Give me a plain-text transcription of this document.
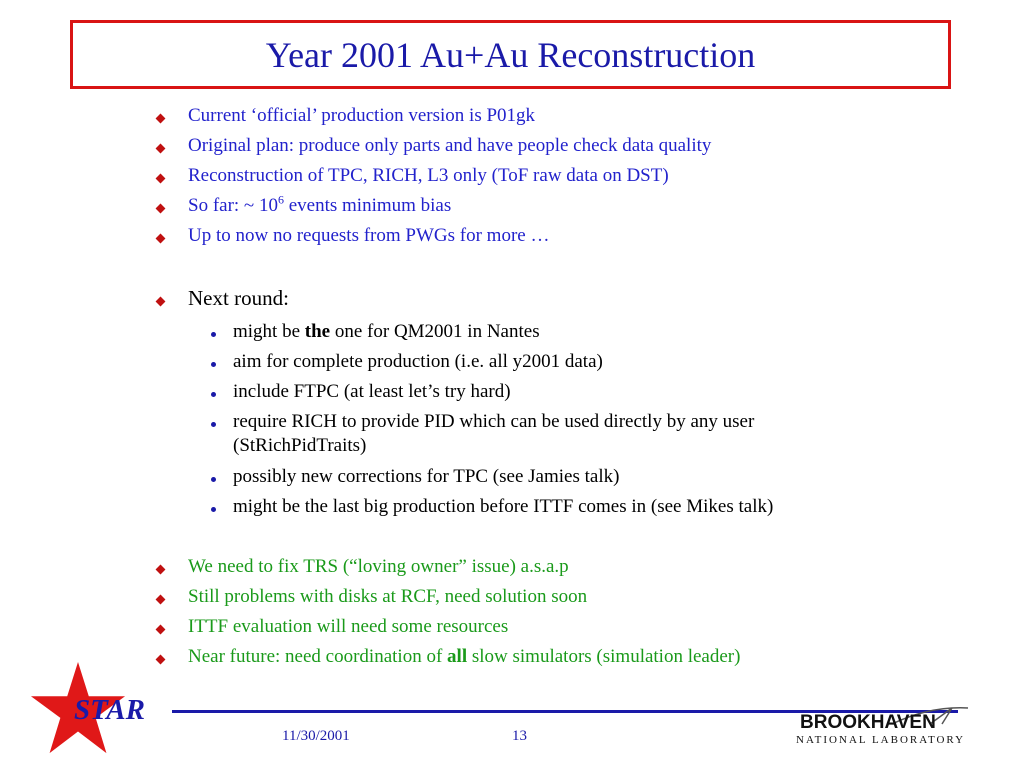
Year 2001 Au+Au Reconstruction
Current ‘official’ production version is P01gk
Original plan: produce only parts and have people check data quality
Reconstruction of TPC, RICH, L3 only (ToF raw data on DST)
So far: ~ $10^6$ events minimum bias
Up to now no requests from PWGs for more …
Next round:
might be the one for QM2001 in Nantes
aim for complete production (i.e. all y2001 data)
include FTPC (at least let’s try hard)
require RICH to provide PID which can be used directly by any user
(StRichPidTraits)
possibly new corrections for TPC (see Jamies talk)
might be the last big production before ITTF comes in (see Mikes talk)
We need to fix TRS (“loving owner” issue) a.s.a.p
Still problems with disks at RCF, need solution soon
ITTF evaluation will need some resources
Near future: need coordination of all slow simulators (simulation leader)
STAR
11/30/2001	13
BROOKHAVEN
NATIONAL LABORATORY
